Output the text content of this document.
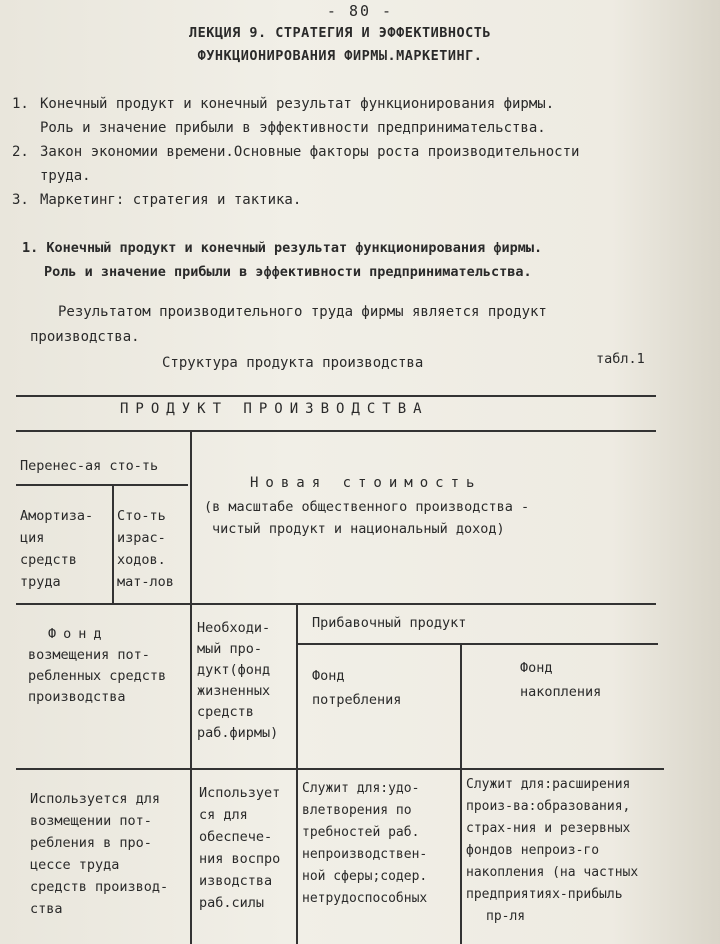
- 80 -
ЛЕКЦИЯ 9. СТРАТЕГИЯ И ЭФФЕКТИВНОСТЬ
ФУНКЦИОНИРОВАНИЯ ФИРМЫ.МАРКЕТИНГ.
1. Конечный продукт и конечный результат функционирования фирмы.
Роль и значение прибыли в эффективности предпринимательства.
2. Закон экономии времени.Основные факторы роста производительности
труда.
3. Маркетинг: стратегия и тактика.
1. Конечный продукт и конечный результат функционирования фирмы.
Роль и значение прибыли в эффективности предпринимательства.
Результатом производительного труда фирмы является продукт производства.
Структура продукта производства	табл.1
ПРОДУКТ ПРОИЗВОДСТВА
Перенес-ая сто-ть
Амортиза-
ция
средств
труда
Сто-ть
израс-
ходов.
мат-лов
Новая стоимость
(в масштабе общественного производства -
чистый продукт и национальный доход)
Фонд
возмещения пот-
ребленных средств
производства
Необходи-
мый про-
дукт(фонд
жизненных
средств
раб.фирмы)
Прибавочный продукт
Фонд
потребления
Фонд
накопления
Используется для
возмещении пот-
ребления в про-
цессе труда
средств производ-
ства
Использует
ся для
обеспече-
ния воспро
изводства
раб.силы
Служит для:удо-
влетворения по
требностей раб.
непроизводствен-
ной сферы;содер.
нетрудоспособных
Служит для:расширения
произ-ва:образования,
страх-ния и резервных
фондов непроиз-го
накопления (на частных
предприятиях-прибыль
пр-ля
